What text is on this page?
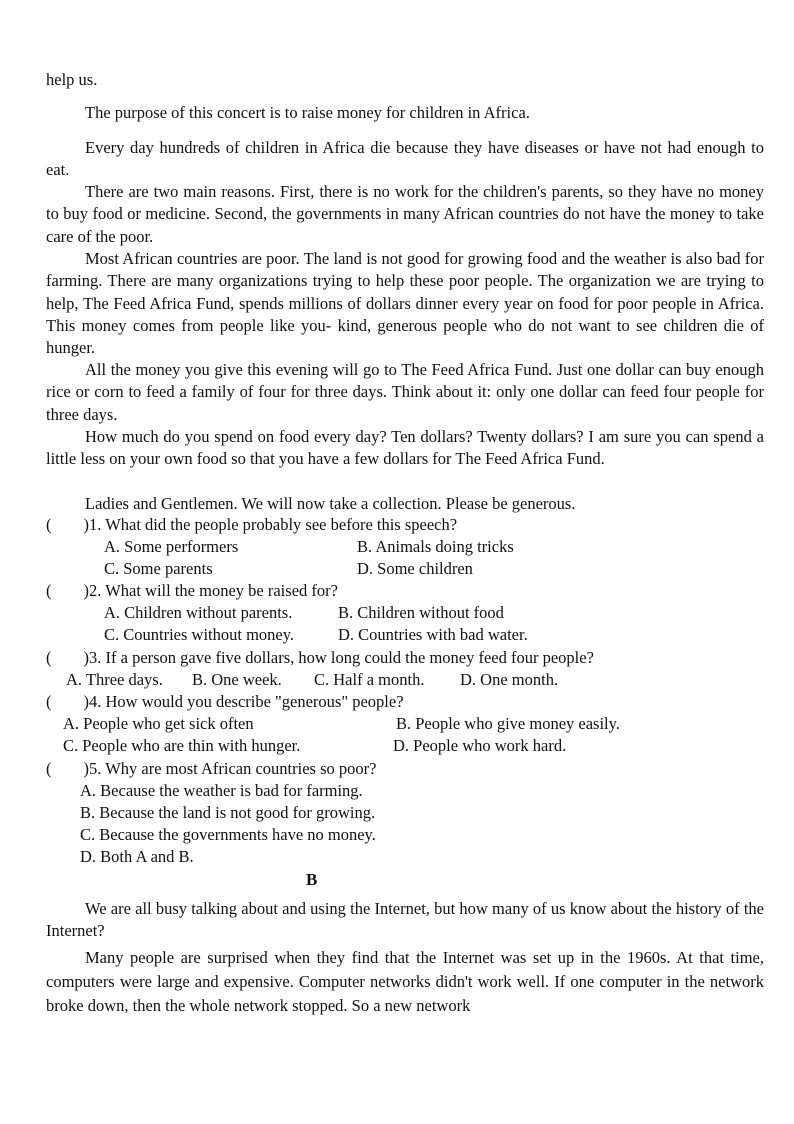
help us.

The purpose of this concert is to raise money for children in Africa.

Every day hundreds of children in Africa die because they have diseases or have not had enough to eat.

There are two main reasons. First, there is no work for the children's parents, so they have no money to buy food or medicine. Second, the governments in many African countries do not have the money to take care of the poor.

Most African countries are poor. The land is not good for growing food and the weather is also bad for farming. There are many organizations trying to help these poor people. The organization we are trying to help, The Feed Africa Fund, spends millions of dollars dinner every year on food for poor people in Africa. This money comes from people like you- kind, generous people who do not want to see children die of hunger.

All the money you give this evening will go to The Feed Africa Fund. Just one dollar can buy enough rice or corn to feed a family of four for three days. Think about it: only one dollar can feed four people for three days.

How much do you spend on food every day? Ten dollars? Twenty dollars? I am sure you can spend a little less on your own food so that you have a few dollars for The Feed Africa Fund.

Ladies and Gentlemen. We will now take a collection. Please be generous.

( )1. What did the people probably see before this speech?
A. Some performers	B. Animals doing tricks
C. Some parents	D. Some children
( )2. What will the money be raised for?
A. Children without parents.	B. Children without food
C. Countries without money.	D. Countries with bad water.
( )3. If a person gave five dollars, how long could the money feed four people?
A. Three days. B. One week. C. Half a month. D. One month.
( )4. How would you describe "generous" people?
A. People who get sick often	B. People who give money easily.
C. People who are thin with hunger.	D. People who work hard.
( )5. Why are most African countries so poor?
A. Because the weather is bad for farming.
B. Because the land is not good for growing.
C. Because the governments have no money.
D. Both A and B.
B

We are all busy talking about and using the Internet, but how many of us know about the history of the Internet?

Many people are surprised when they find that the Internet was set up in the 1960s. At that time, computers were large and expensive. Computer networks didn't work well. If one computer in the network broke down, then the whole network stopped. So a new network
